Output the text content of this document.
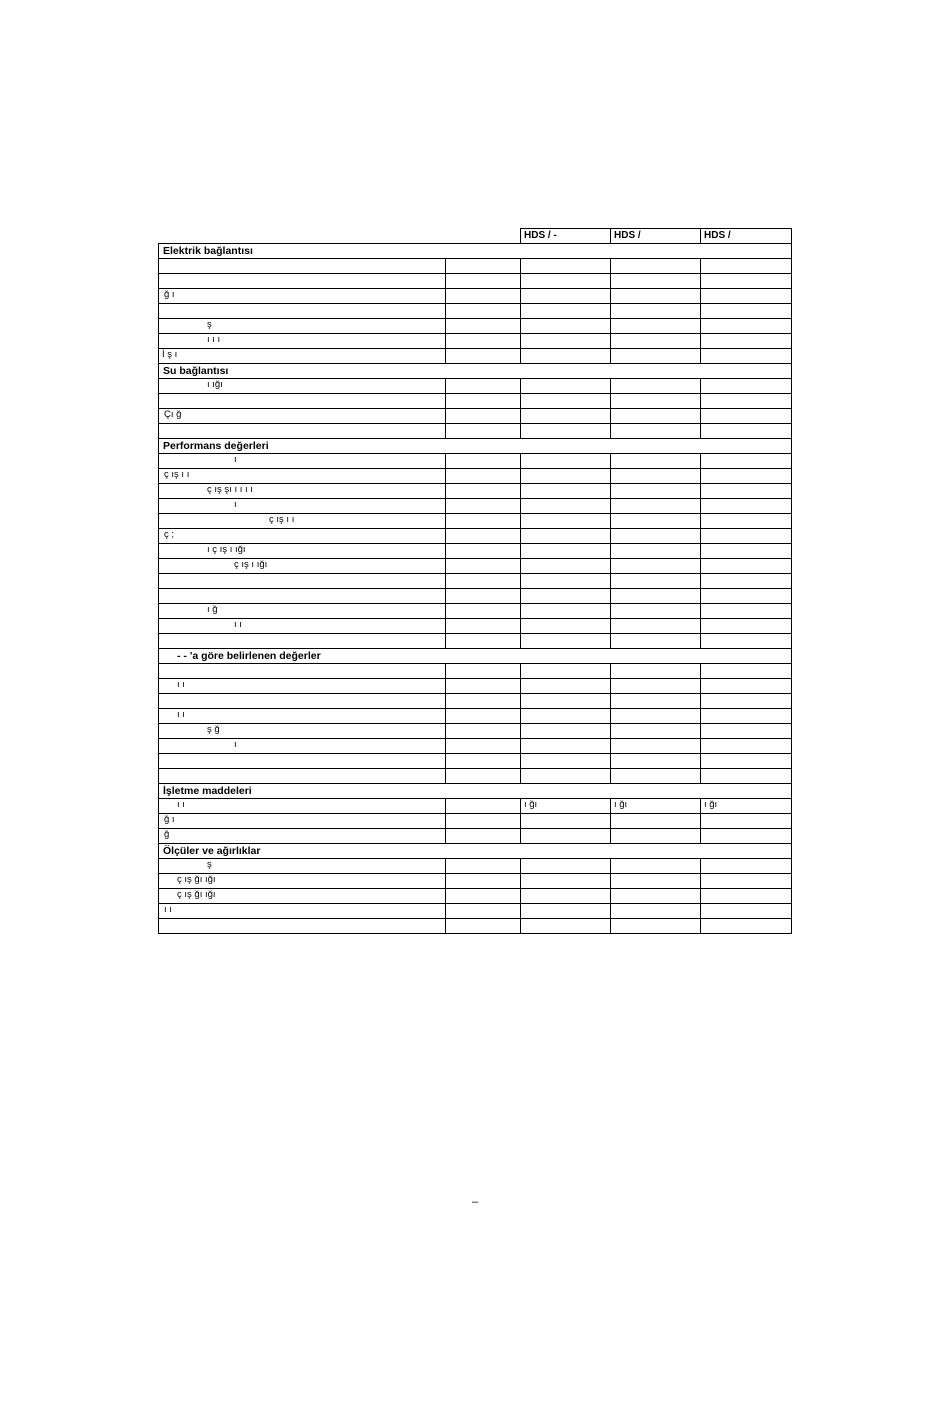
		HDS / -	HDS /	HDS /
Elektrik bağlantısı				

ğ ı				

ş				
ı ı ı				
İ ş ı				
Su bağlantısı				
ı ığı				

Çı ğ				

Performans değerleri				
ı				
ç ış ı ı				
ç ış şı ı ı ı ı				
ı				
ç ış ı ı				
ç ;				
ı ç ış ı ığı				
ç ış ı ığı				

ı ğ				
ı ı				

- - 'a göre belirlenen değerler				

ı ı				

ı ı				
ş ğ				
ı				

İşletme maddeleri				
ı ı		ı ğı	ı ğı	ı ğı
ğ ı				
ğ				
Ölçüler ve ağırlıklar				
ş				
ç ış ğı ığı				
ç ış ğı ığı				
ı ı				

–
